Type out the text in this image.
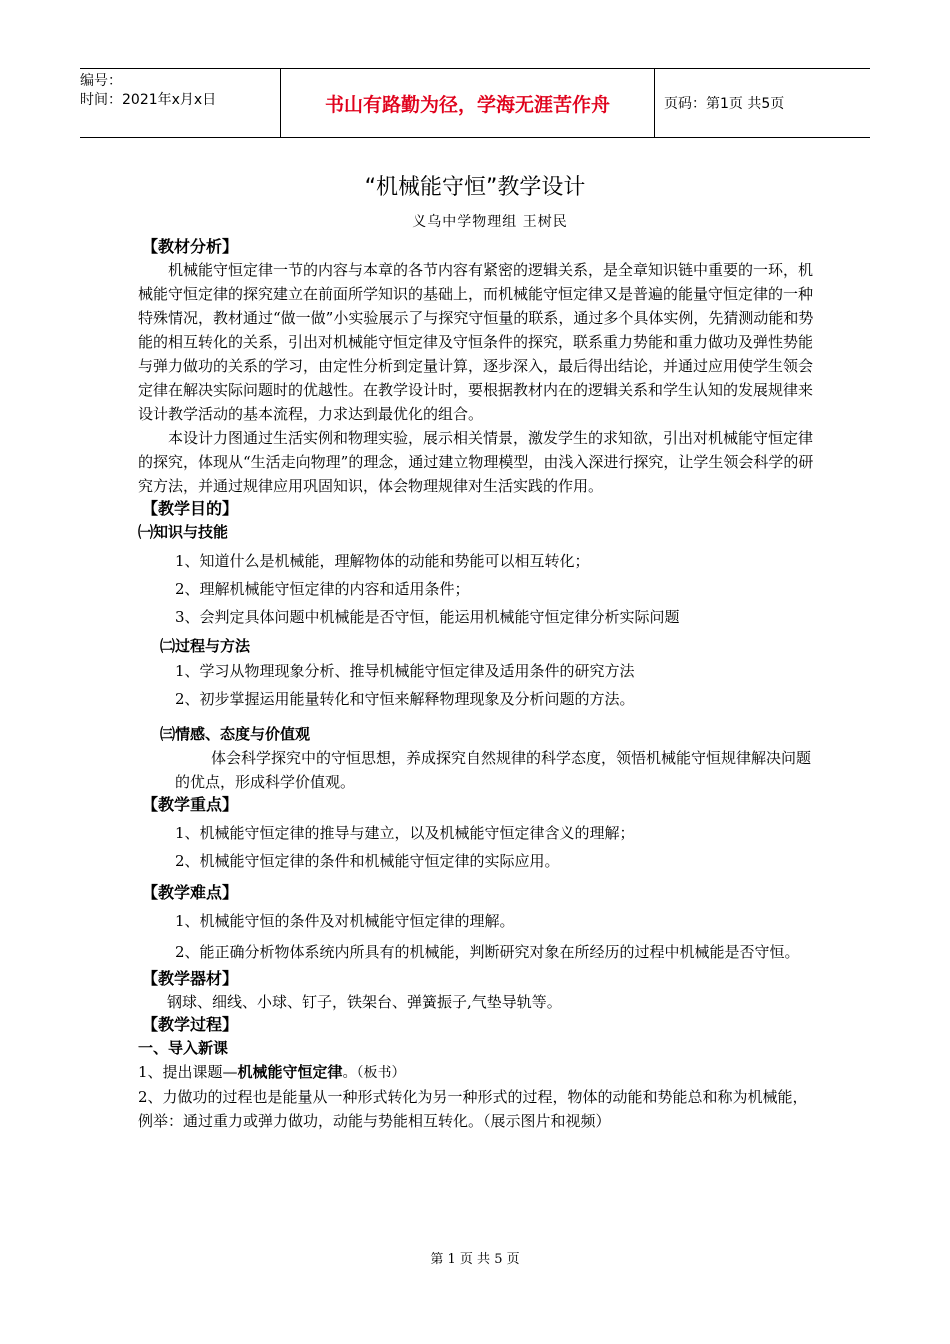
编号：
时间：2021年x月x日	书山有路勤为径，学海无涯苦作舟	页码：第1页 共5页
“机械能守恒”教学设计
义乌中学物理组 王树民
【教材分析】

机械能守恒定律一节的内容与本章的各节内容有紧密的逻辑关系，是全章知识链中重要的一环，机械能守恒定律的探究建立在前面所学知识的基础上，而机械能守恒定律又是普遍的能量守恒定律的一种特殊情况，教材通过“做一做”小实验展示了与探究守恒量的联系，通过多个具体实例，先猜测动能和势能的相互转化的关系，引出对机械能守恒定律及守恒条件的探究，联系重力势能和重力做功及弹性势能与弹力做功的关系的学习，由定性分析到定量计算，逐步深入，最后得出结论，并通过应用使学生领会定律在解决实际问题时的优越性。在教学设计时，要根据教材内在的逻辑关系和学生认知的发展规律来设计教学活动的基本流程，力求达到最优化的组合。

本设计力图通过生活实例和物理实验，展示相关情景，激发学生的求知欲，引出对机械能守恒定律的探究，体现从“生活走向物理”的理念，通过建立物理模型，由浅入深进行探究，让学生领会科学的研究方法，并通过规律应用巩固知识，体会物理规律对生活实践的作用。

【教学目的】
㈠知识与技能
1、知道什么是机械能，理解物体的动能和势能可以相互转化；
2、理解机械能守恒定律的内容和适用条件；
3、会判定具体问题中机械能是否守恒，能运用机械能守恒定律分析实际问题
㈡过程与方法
1、学习从物理现象分析、推导机械能守恒定律及适用条件的研究方法
2、初步掌握运用能量转化和守恒来解释物理现象及分析问题的方法。
㈢情感、态度与价值观

体会科学探究中的守恒思想，养成探究自然规律的科学态度，领悟机械能守恒规律解决问题的优点，形成科学价值观。

【教学重点】
1、机械能守恒定律的推导与建立，以及机械能守恒定律含义的理解；
2、机械能守恒定律的条件和机械能守恒定律的实际应用。
【教学难点】
1、机械能守恒的条件及对机械能守恒定律的理解。
2、能正确分析物体系统内所具有的机械能，判断研究对象在所经历的过程中机械能是否守恒。
【教学器材】
钢球、细线、小球、钉子，铁架台、弹簧振子,气垫导轨等。
【教学过程】
一、导入新课

1、提出课题—机械能守恒定律。（板书）

2、力做功的过程也是能量从一种形式转化为另一种形式的过程，物体的动能和势能总和称为机械能，例举：通过重力或弹力做功，动能与势能相互转化。（展示图片和视频）

第 1 页 共 5 页
